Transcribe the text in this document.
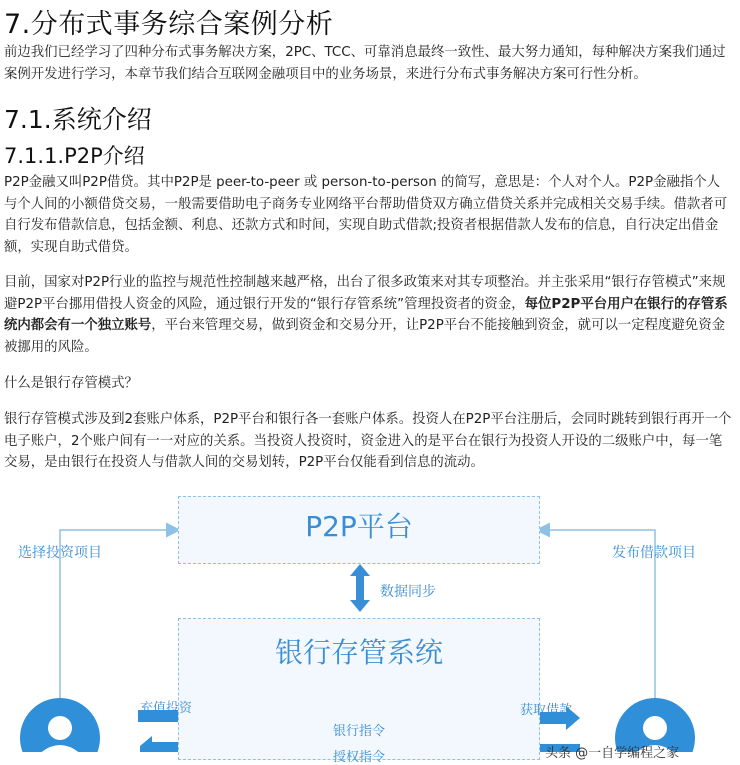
7.分布式事务综合案例分析

前边我们已经学习了四种分布式事务解决方案，2PC、TCC、可靠消息最终一致性、最大努力通知，每种解决方案我们通过案例开发进行学习，本章节我们结合互联网金融项目中的业务场景，来进行分布式事务解决方案可行性分析。

7.1.系统介绍
7.1.1.P2P介绍

P2P金融又叫P2P借贷。其中P2P是 peer-to-peer 或 person-to-person 的简写，意思是：个人对个人。P2P金融指个人与个人间的小额借贷交易，一般需要借助电子商务专业网络平台帮助借贷双方确立借贷关系并完成相关交易手续。借款者可自行发布借款信息，包括金额、利息、还款方式和时间，实现自助式借款;投资者根据借款人发布的信息，自行决定出借金额，实现自助式借贷。

目前，国家对P2P行业的监控与规范性控制越来越严格，出台了很多政策来对其专项整治。并主张采用“银行存管模式”来规避P2P平台挪用借投人资金的风险，通过银行开发的“银行存管系统”管理投资者的资金，每位P2P平台用户在银行的存管系统内都会有一个独立账号，平台来管理交易，做到资金和交易分开，让P2P平台不能接触到资金，就可以一定程度避免资金被挪用的风险。

什么是银行存管模式？

银行存管模式涉及到2套账户体系，P2P平台和银行各一套账户体系。投资人在P2P平台注册后，会同时跳转到银行再开一个电子账户，2个账户间有一一对应的关系。当投资人投资时，资金进入的是平台在银行为投资人开设的二级账户中，每一笔交易，是由银行在投资人与借款人间的交易划转，P2P平台仅能看到信息的流动。

P2P平台
银行存管系统
选择投资项目	发布借款项目
数据同步
充值投资
银行指令
授权指令
获取借款
头条 @一自学编程之家
